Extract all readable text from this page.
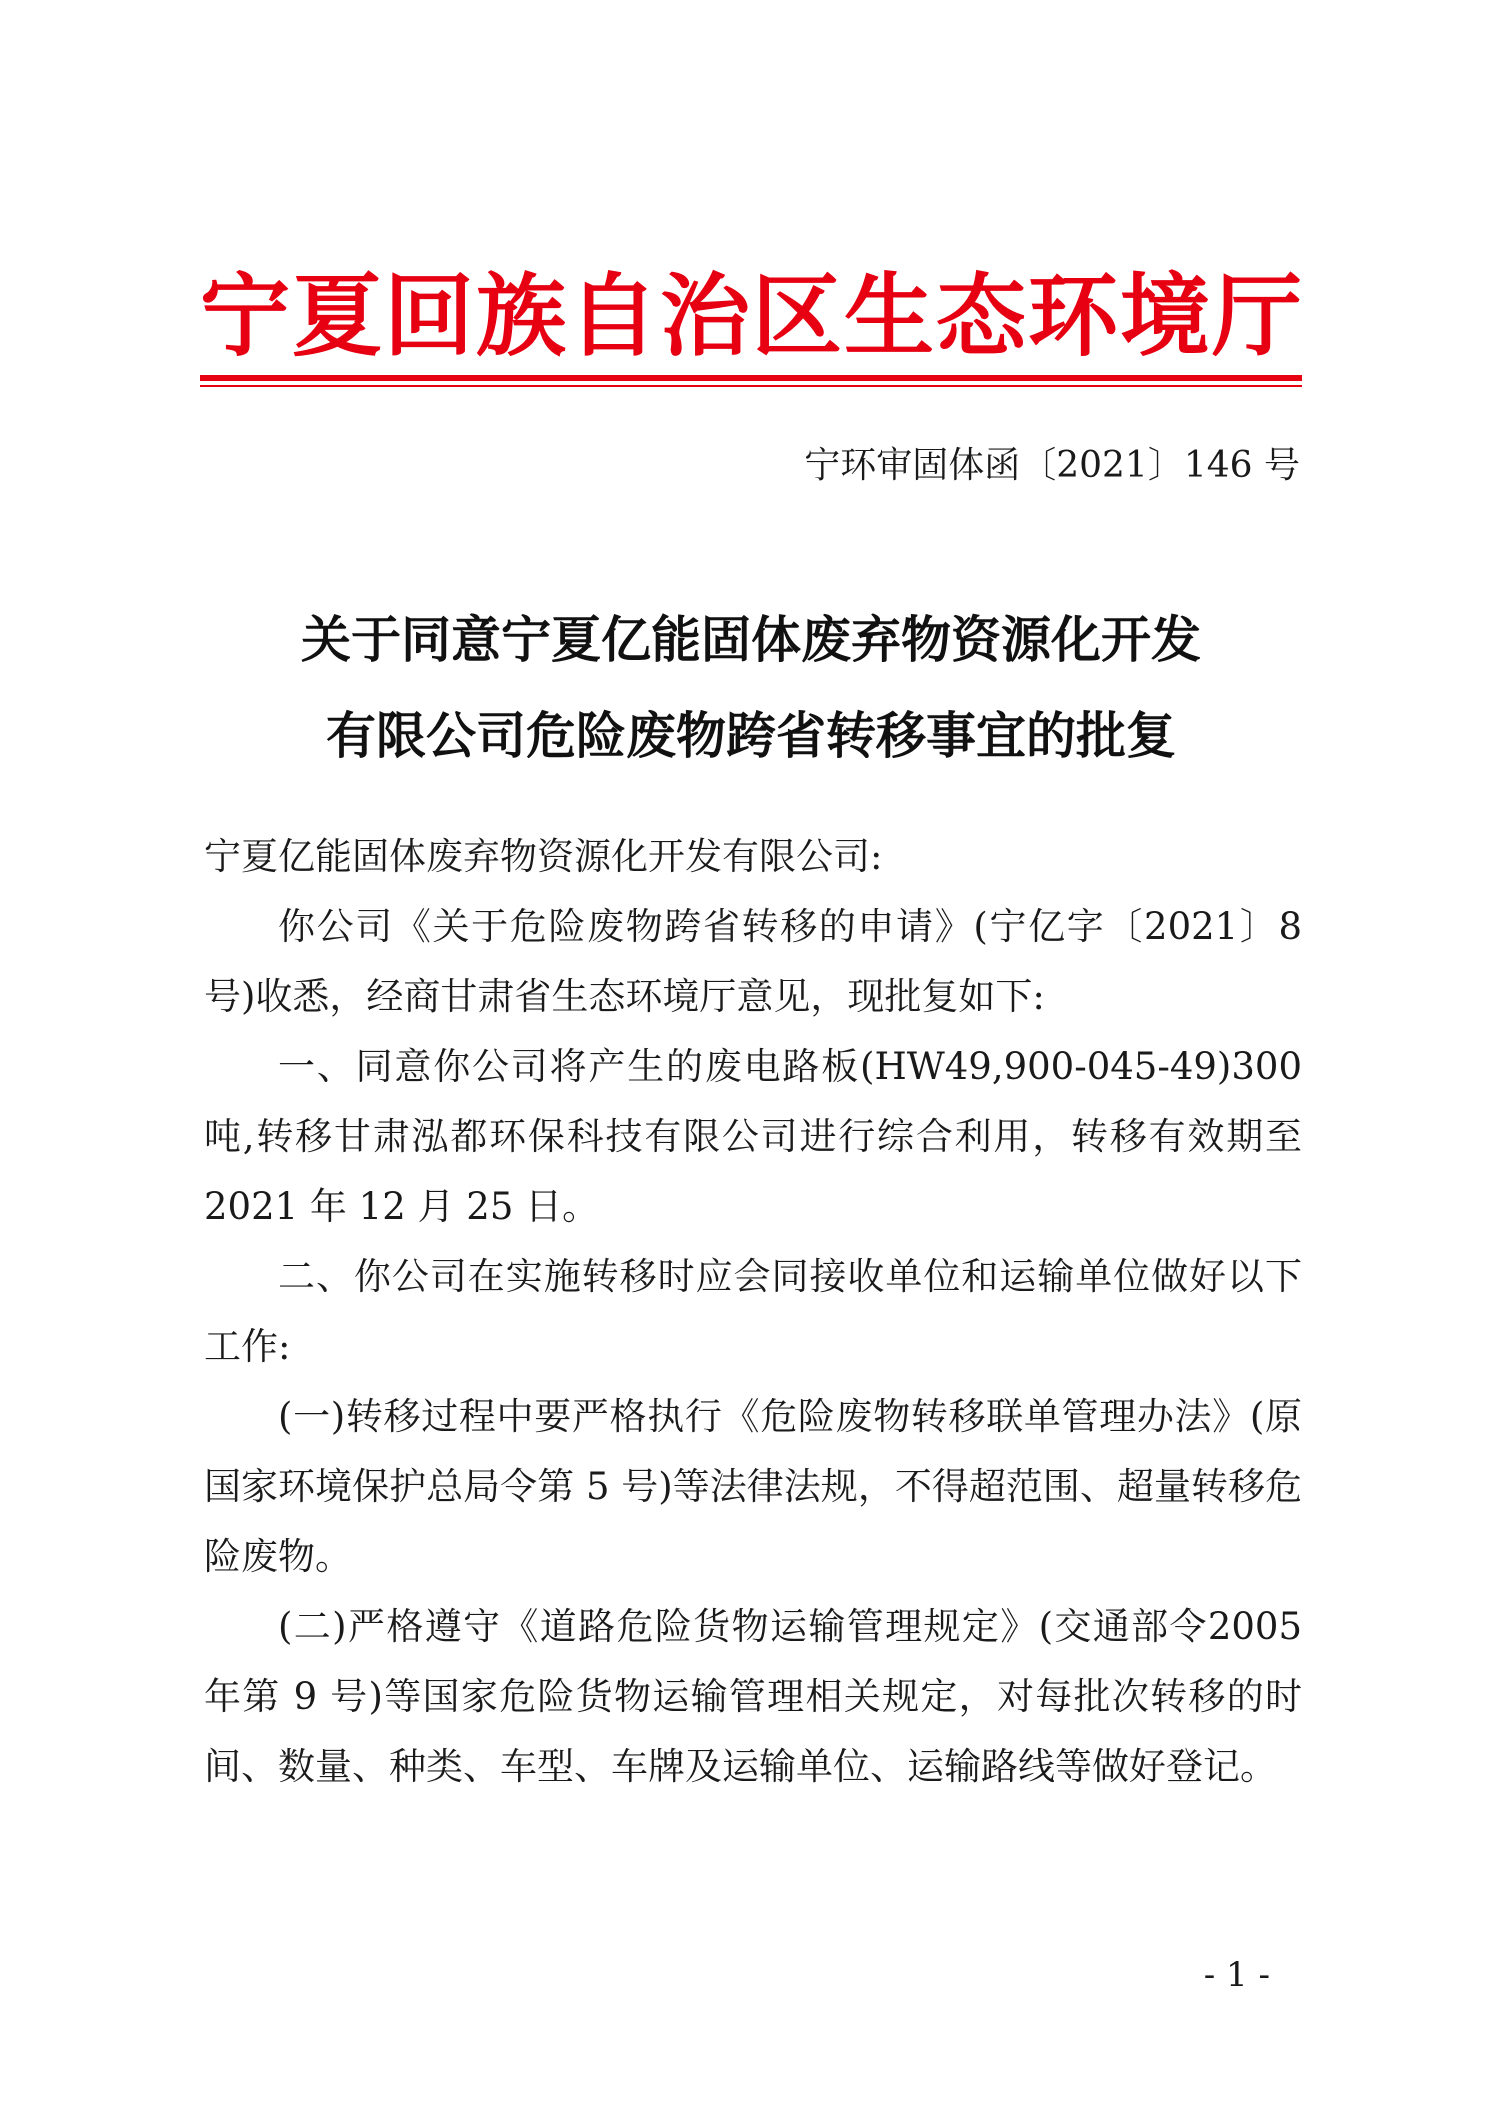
宁夏回族自治区生态环境厅
宁环审固体函〔2021〕146 号
关于同意宁夏亿能固体废弃物资源化开发
有限公司危险废物跨省转移事宜的批复

宁夏亿能固体废弃物资源化开发有限公司:

你公司《关于危险废物跨省转移的申请》(宁亿字〔2021〕8号)收悉，经商甘肃省生态环境厅意见，现批复如下:

一、同意你公司将产生的废电路板(HW49,900-045-49)300吨,转移甘肃泓都环保科技有限公司进行综合利用，转移有效期至 2021 年 12 月 25 日。

二、你公司在实施转移时应会同接收单位和运输单位做好以下工作:

(一)转移过程中要严格执行《危险废物转移联单管理办法》(原国家环境保护总局令第 5 号)等法律法规，不得超范围、超量转移危险废物。

(二)严格遵守《道路危险货物运输管理规定》(交通部令2005 年第 9 号)等国家危险货物运输管理相关规定，对每批次转移的时间、数量、种类、车型、车牌及运输单位、运输路线等做好登记。

- 1 -
